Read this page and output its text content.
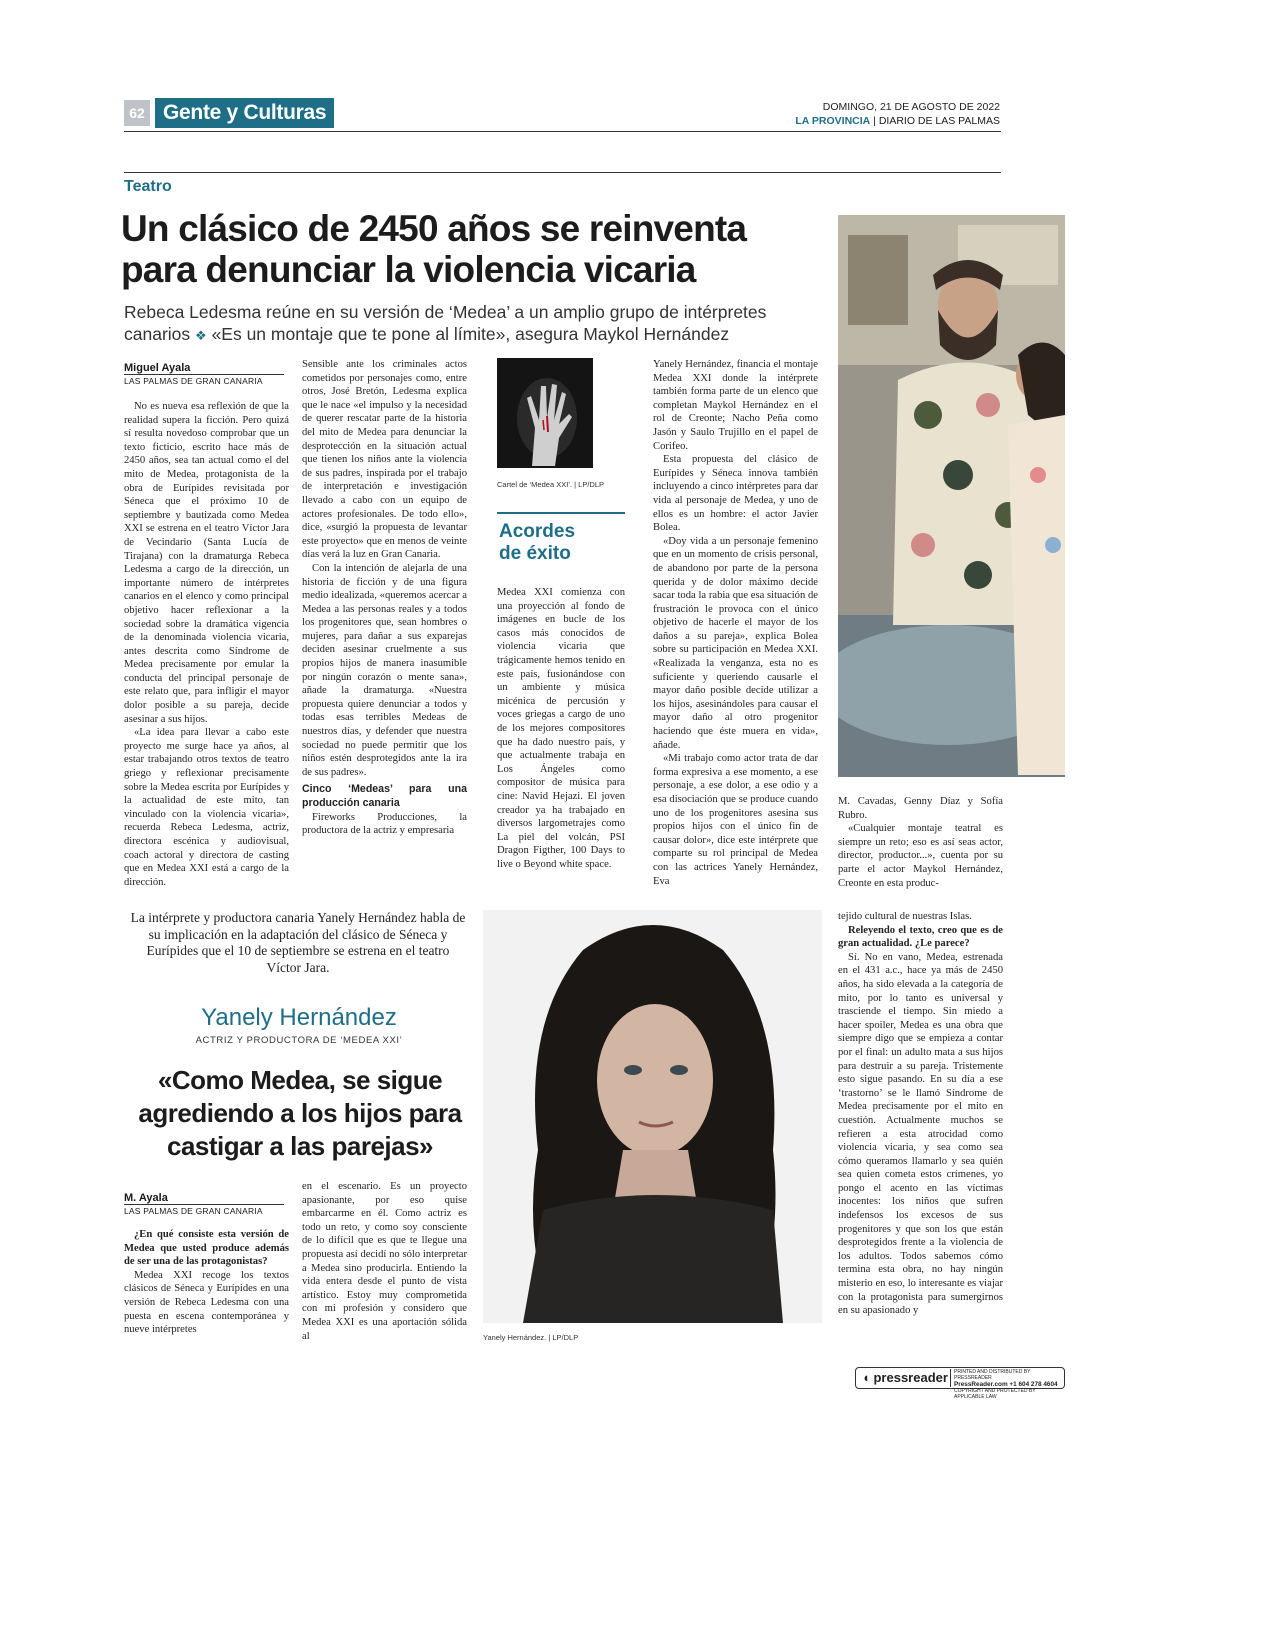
62 Gente y Culturas	DOMINGO, 21 DE AGOSTO DE 2022
LA PROVINCIA | DIARIO DE LAS PALMAS
Teatro
Un clásico de 2450 años se reinventa para denunciar la violencia vicaria
Rebeca Ledesma reúne en su versión de ‘Medea’ a un amplio grupo de intérpretes canarios ❖ «Es un montaje que te pone al límite», asegura Maykol Hernández
Miguel Ayala
LAS PALMAS DE GRAN CANARIA

No es nueva esa reflexión de que la realidad supera la ficción. Pero quizá sí resulta novedoso comprobar que un texto ficticio, escrito hace más de 2450 años, sea tan actual como el del mito de Medea, protagonista de la obra de Eurípides revisitada por Séneca que el próximo 10 de septiembre y bautizada como Medea XXI se estrena en el teatro Víctor Jara de Vecindario (Santa Lucía de Tirajana) con la dramaturga Rebeca Ledesma a cargo de la dirección, un importante número de intérpretes canarios en el elenco y como principal objetivo hacer reflexionar a la sociedad sobre la dramática vigencia de la denominada violencia vicaria, antes descrita como Síndrome de Medea precisamente por emular la conducta del principal personaje de este relato que, para infligir el mayor dolor posible a su pareja, decide asesinar a sus hijos.

«La idea para llevar a cabo este proyecto me surge hace ya años, al estar trabajando otros textos de teatro griego y reflexionar precisamente sobre la Medea escrita por Eurípides y la actualidad de este mito, tan vinculado con la violencia vicaria», recuerda Rebeca Ledesma, actriz, directora escénica y audiovisual, coach actoral y directora de casting que en Medea XXI está a cargo de la dirección.

Sensible ante los criminales actos cometidos por personajes como, entre otros, José Bretón, Ledesma explica que le nace «el impulso y la necesidad de querer rescatar parte de la historia del mito de Medea para denunciar la desprotección en la situación actual que tienen los niños ante la violencia de sus padres, inspirada por el trabajo de interpretación e investigación llevado a cabo con un equipo de actores profesionales. De todo ello», dice, «surgió la propuesta de levantar este proyecto» que en menos de veinte días verá la luz en Gran Canaria.

Con la intención de alejarla de una historia de ficción y de una figura medio idealizada, «queremos acercar a Medea a las personas reales y a todos los progenitores que, sean hombres o mujeres, para dañar a sus exparejas deciden asesinar cruelmente a sus propios hijos de manera inasumible por ningún corazón o mente sana», añade la dramaturga. «Nuestra propuesta quiere denunciar a todos y todas esas terribles Medeas de nuestros días, y defender que nuestra sociedad no puede permitir que los niños estén desprotegidos ante la ira de sus padres».

Cinco ‘Medeas’ para una producción canaria

Fireworks Producciones, la productora de la actriz y empresaria

Cartel de ‘Medea XXI’. | LP/DLP
Acordes
de éxito

Medea XXI comienza con una proyección al fondo de imágenes en bucle de los casos más conocidos de violencia vicaria que trágicamente hemos tenido en este país, fusionándose con un ambiente y música micénica de percusión y voces griegas a cargo de uno de los mejores compositores que ha dado nuestro país, y que actualmente trabaja en Los Ángeles como compositor de música para cine: Navid Hejazi. El joven creador ya ha trabajado en diversos largometrajes como La piel del volcán, PSI Dragon Figther, 100 Days to live o Beyond white space.

Yanely Hernández, financia el montaje Medea XXI donde la intérprete también forma parte de un elenco que completan Maykol Hernández en el rol de Creonte; Nacho Peña como Jasón y Saulo Trujillo en el papel de Corifeo.

Esta propuesta del clásico de Eurípides y Séneca innova también incluyendo a cinco intérpretes para dar vida al personaje de Medea, y uno de ellos es un hombre: el actor Javier Bolea.

«Doy vida a un personaje femenino que en un momento de crisis personal, de abandono por parte de la persona querida y de dolor máximo decide sacar toda la rabia que esa situación de frustración le provoca con el único objetivo de hacerle el mayor de los daños a su pareja», explica Bolea sobre su participación en Medea XXI. «Realizada la venganza, esta no es suficiente y queriendo causarle el mayor daño posible decide utilizar a los hijos, asesinándoles para causar el mayor daño al otro progenitor haciendo que éste muera en vida», añade.

«Mi trabajo como actor trata de dar forma expresiva a ese momento, a ese personaje, a ese dolor, a ese odio y a esa disociación que se produce cuando uno de los progenitores asesina sus propios hijos con el único fin de causar dolor», dice este intérprete que comparte su rol principal de Medea con las actrices Yanely Hernández, Eva

M. Cavadas, Genny Díaz y Sofía Rubro.

«Cualquier montaje teatral es siempre un reto; eso es así seas actor, director, productor...», cuenta por su parte el actor Maykol Hernández, Creonte en esta produc-

La intérprete y productora canaria Yanely Hernández habla de su implicación en la adaptación del clásico de Séneca y Eurípides que el 10 de septiembre se estrena en el teatro Víctor Jara.
Yanely Hernández
ACTRIZ Y PRODUCTORA DE ‘MEDEA XXI’
«Como Medea, se sigue agrediendo a los hijos para castigar a las parejas»
M. Ayala
LAS PALMAS DE GRAN CANARIA

¿En qué consiste esta versión de Medea que usted produce además de ser una de las protagonistas?

Medea XXI recoge los textos clásicos de Séneca y Eurípides en una versión de Rebeca Ledesma con una puesta en escena contemporánea y nueve intérpretes

en el escenario. Es un proyecto apasionante, por eso quise embarcarme en él. Como actriz es todo un reto, y como soy consciente de lo difícil que es que te llegue una propuesta así decidí no sólo interpretar a Medea sino producirla. Entiendo la vida entera desde el punto de vista artístico. Estoy muy comprometida con mi profesión y considero que Medea XXI es una aportación sólida al	Yanely Hernández. | LP/DLP

tejido cultural de nuestras Islas.

Releyendo el texto, creo que es de gran actualidad. ¿Le parece?

Sí. No en vano, Medea, estrenada en el 431 a.c., hace ya más de 2450 años, ha sido elevada a la categoría de mito, por lo tanto es universal y trasciende el tiempo. Sin miedo a hacer spoiler, Medea es una obra que siempre digo que se empieza a contar por el final: un adulto mata a sus hijos para destruir a su pareja. Tristemente esto sigue pasando. En su día a ese ‘trastorno’ se le llamó Síndrome de Medea precisamente por el mito en cuestión. Actualmente muchos se refieren a esta atrocidad como violencia vicaria, y sea como sea cómo queramos llamarlo y sea quién sea quien cometa estos crímenes, yo pongo el acento en las víctimas inocentes: los niños que sufren indefensos los excesos de sus progenitores y que son los que están desprotegidos frente a la violencia de los adultos. Todos sabemos cómo termina esta obra, no hay ningún misterio en eso, lo interesante es viajar con la protagonista para sumergirnos en su apasionado y

◖ pressreader PRINTED AND DISTRIBUTED BY PRESSREADER
PressReader.com +1 604 278 4604
COPYRIGHT AND PROTECTED BY APPLICABLE LAW
